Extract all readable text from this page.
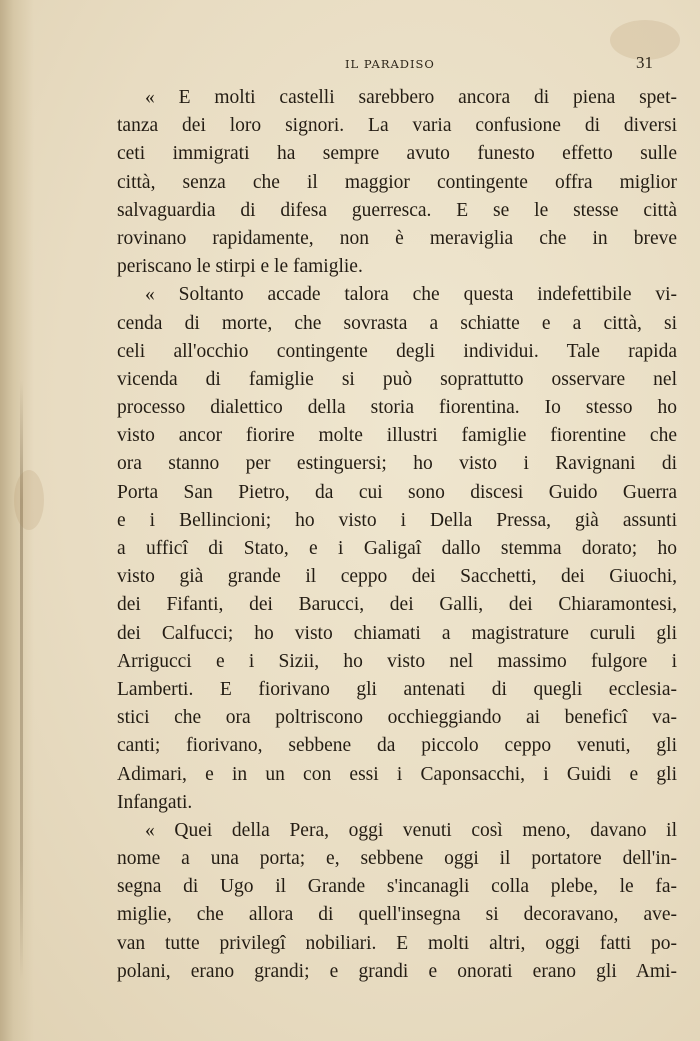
IL PARADISO	31
« E molti castelli sarebbero ancora di piena spet-
tanza dei loro signori. La varia confusione di diversi
ceti immigrati ha sempre avuto funesto effetto sulle
città, senza che il maggior contingente offra miglior
salvaguardia di difesa guerresca. E se le stesse città
rovinano rapidamente, non è meraviglia che in breve
periscano le stirpi e le famiglie.
« Soltanto accade talora che questa indefettibile vi-
cenda di morte, che sovrasta a schiatte e a città, si
celi all'occhio contingente degli individui. Tale rapida
vicenda di famiglie si può soprattutto osservare nel
processo dialettico della storia fiorentina. Io stesso ho
visto ancor fiorire molte illustri famiglie fiorentine che
ora stanno per estinguersi; ho visto i Ravignani di
Porta San Pietro, da cui sono discesi Guido Guerra
e i Bellincioni; ho visto i Della Pressa, già assunti
a ufficî di Stato, e i Galigaî dallo stemma dorato; ho
visto già grande il ceppo dei Sacchetti, dei Giuochi,
dei Fifanti, dei Barucci, dei Galli, dei Chiaramontesi,
dei Calfucci; ho visto chiamati a magistrature curuli gli
Arrigucci e i Sizii, ho visto nel massimo fulgore i
Lamberti. E fiorivano gli antenati di quegli ecclesia-
stici che ora poltriscono occhieggiando ai beneficî va-
canti; fiorivano, sebbene da piccolo ceppo venuti, gli
Adimari, e in un con essi i Caponsacchi, i Guidi e gli
Infangati.
« Quei della Pera, oggi venuti così meno, davano il
nome a una porta; e, sebbene oggi il portatore dell'in-
segna di Ugo il Grande s'incanagli colla plebe, le fa-
miglie, che allora di quell'insegna si decoravano, ave-
van tutte privilegî nobiliari. E molti altri, oggi fatti po-
polani, erano grandi; e grandi e onorati erano gli Ami-
